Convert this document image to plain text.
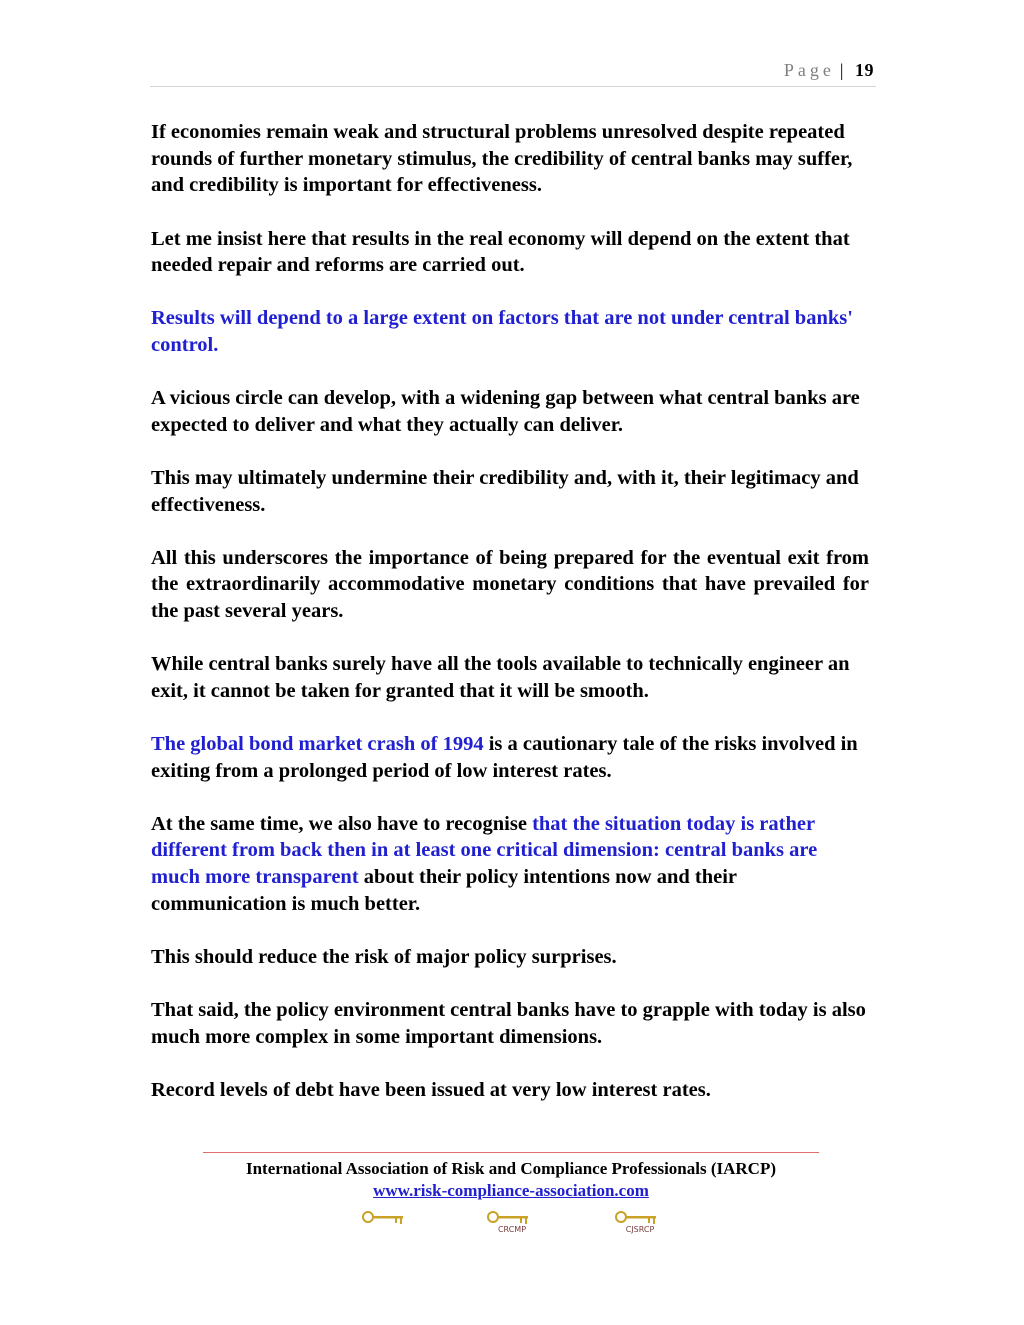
Page | 19

If economies remain weak and structural problems unresolved despite repeated rounds of further monetary stimulus, the credibility of central banks may suffer, and credibility is important for effectiveness.

Let me insist here that results in the real economy will depend on the extent that needed repair and reforms are carried out.

Results will depend to a large extent on factors that are not under central banks' control.

A vicious circle can develop, with a widening gap between what central banks are expected to deliver and what they actually can deliver.

This may ultimately undermine their credibility and, with it, their legitimacy and effectiveness.

All this underscores the importance of being prepared for the eventual exit from the extraordinarily accommodative monetary conditions that have prevailed for the past several years.

While central banks surely have all the tools available to technically engineer an exit, it cannot be taken for granted that it will be smooth.

The global bond market crash of 1994 is a cautionary tale of the risks involved in exiting from a prolonged period of low interest rates.

At the same time, we also have to recognise that the situation today is rather different from back then in at least one critical dimension: central banks are much more transparent about their policy intentions now and their communication is much better.

This should reduce the risk of major policy surprises.

That said, the policy environment central banks have to grapple with today is also much more complex in some important dimensions.

Record levels of debt have been issued at very low interest rates.

International Association of Risk and Compliance Professionals (IARCP)
www.risk-compliance-association.com
CRCMP	CJSRCP
